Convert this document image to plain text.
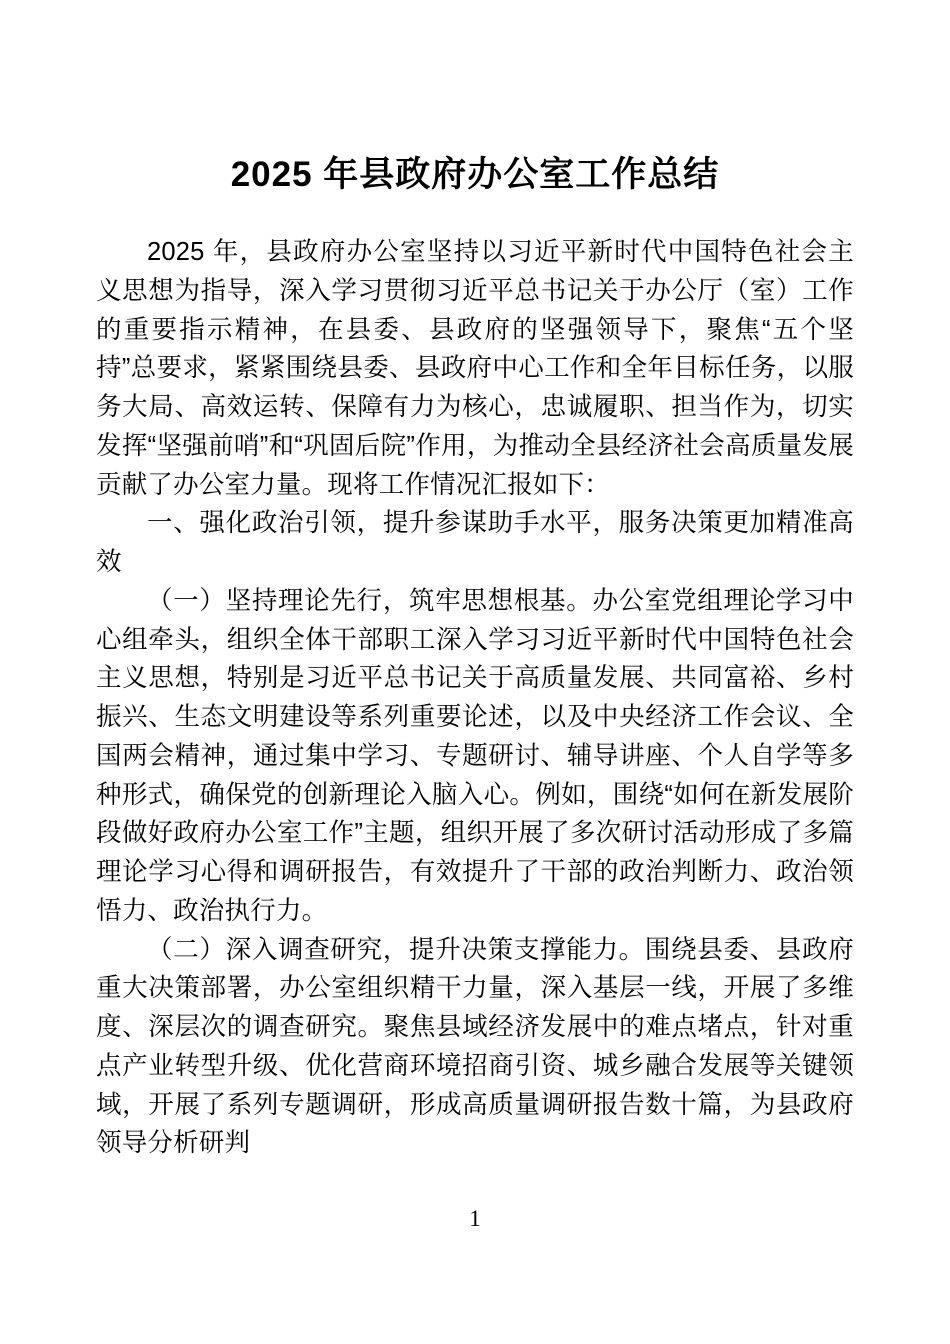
2025 年县政府办公室工作总结

2025 年，县政府办公室坚持以习近平新时代中国特色社会主义思想为指导，深入学习贯彻习近平总书记关于办公厅（室）工作的重要指示精神，在县委、县政府的坚强领导下，聚焦“五个坚持”总要求，紧紧围绕县委、县政府中心工作和全年目标任务，以服务大局、高效运转、保障有力为核心，忠诚履职、担当作为，切实发挥“坚强前哨”和“巩固后院”作用，为推动全县经济社会高质量发展贡献了办公室力量。现将工作情况汇报如下：

一、强化政治引领，提升参谋助手水平，服务决策更加精准高效

（一）坚持理论先行，筑牢思想根基。办公室党组理论学习中心组牵头，组织全体干部职工深入学习习近平新时代中国特色社会主义思想，特别是习近平总书记关于高质量发展、共同富裕、乡村振兴、生态文明建设等系列重要论述，以及中央经济工作会议、全国两会精神，通过集中学习、专题研讨、辅导讲座、个人自学等多种形式，确保党的创新理论入脑入心。例如，围绕“如何在新发展阶段做好政府办公室工作”主题，组织开展了多次研讨活动形成了多篇理论学习心得和调研报告，有效提升了干部的政治判断力、政治领悟力、政治执行力。

（二）深入调查研究，提升决策支撑能力。围绕县委、县政府重大决策部署，办公室组织精干力量，深入基层一线，开展了多维度、深层次的调查研究。聚焦县域经济发展中的难点堵点，针对重点产业转型升级、优化营商环境招商引资、城乡融合发展等关键领域，开展了系列专题调研，形成高质量调研报告数十篇，为县政府领导分析研判

1
